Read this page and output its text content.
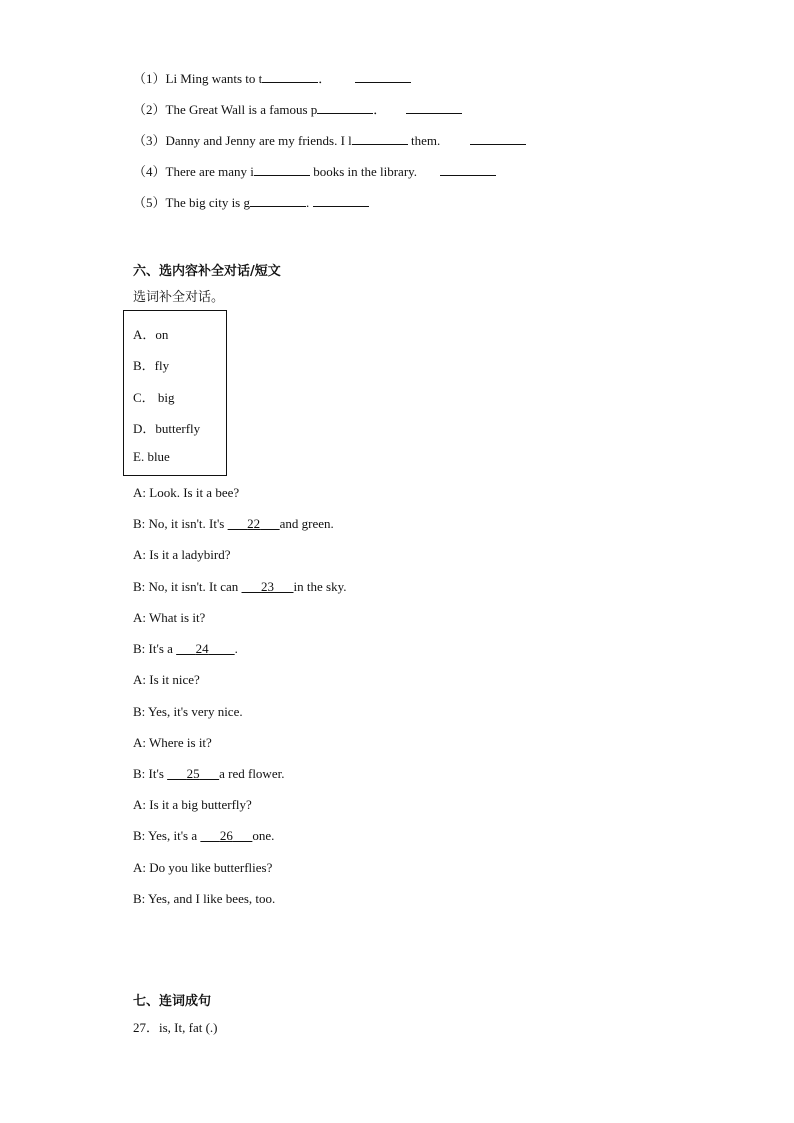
（1）Li Ming wants to t	．
（2）The Great Wall is a famous p	．
（3）Danny and Jenny are my friends. I l	them.
（4）There are many i	books in the library.
（5）The big city is g	.
六、选内容补全对话/短文
选词补全对话。
A．on
B．fly
C． big
D．butterfly
E. blue
A: Look. Is it a bee?
B: No, it isn't. It's    22    and green.
A: Is it a ladybird?
B: No, it isn't. It can    23    in the sky.
A: What is it?
B: It's a    24     .
A: Is it nice?
B: Yes, it's very nice.
A: Where is it?
B: It's    25    a red flower.
A: Is it a big butterfly?
B: Yes, it's a    26    one.
A: Do you like butterflies?
B: Yes, and I like bees, too.
七、连词成句
27．is, It, fat (.)
